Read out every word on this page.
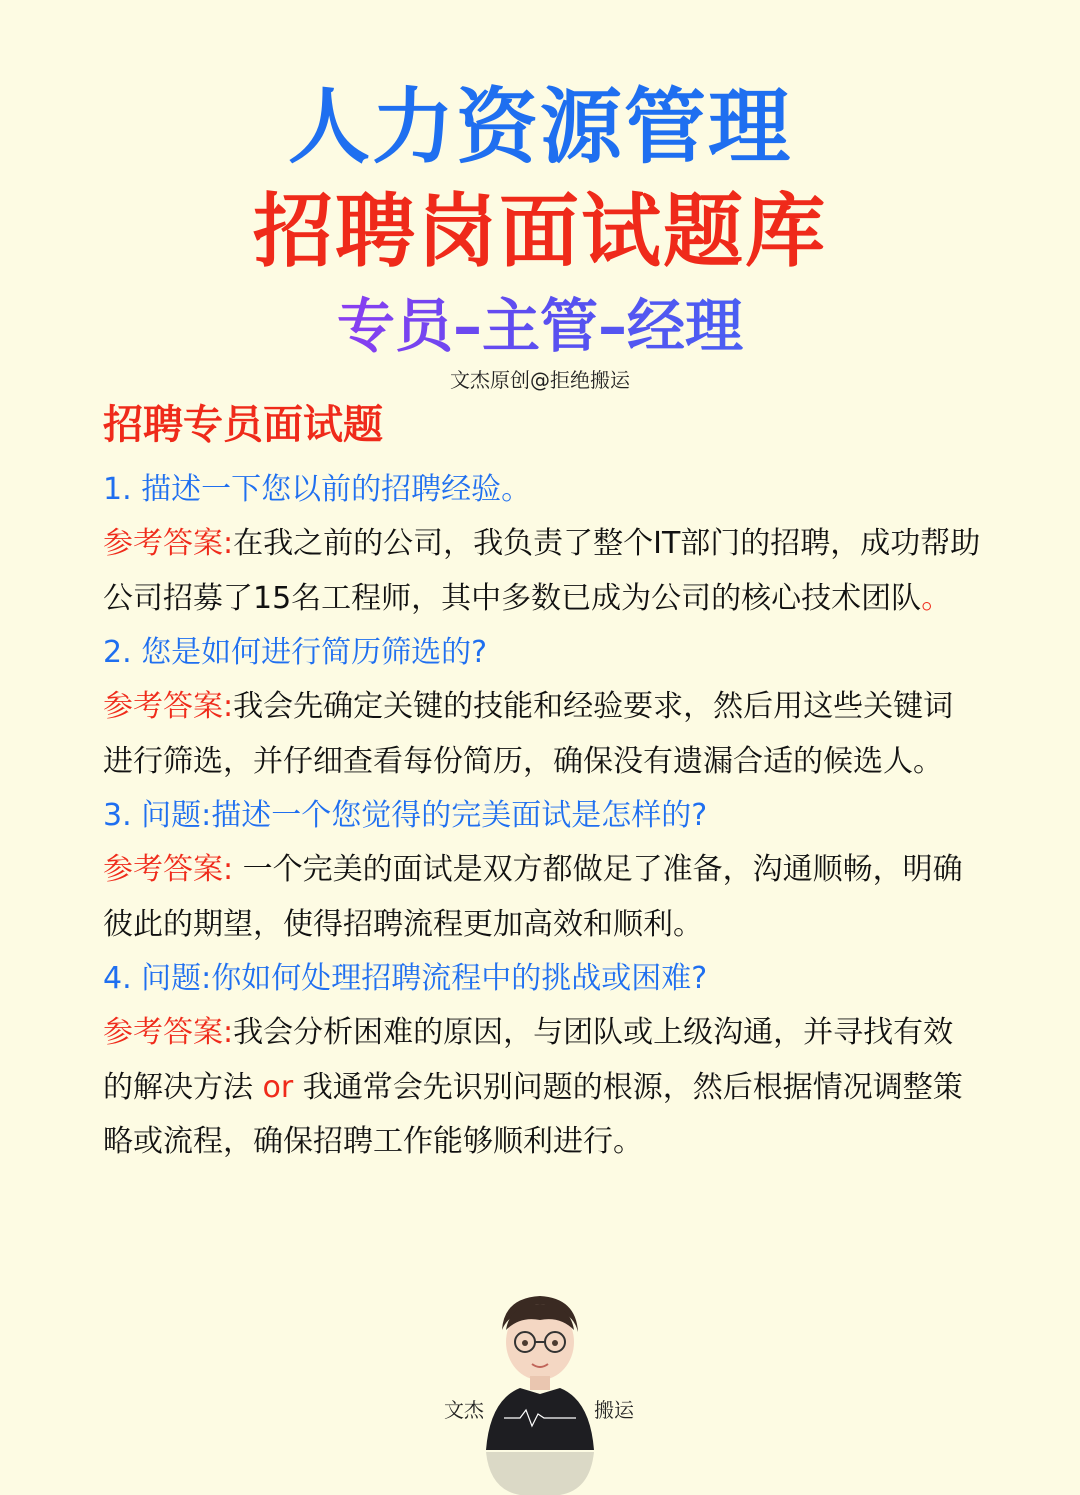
人力资源管理
招聘岗面试题库
专员–主管–经理
文杰原创@拒绝搬运
招聘专员面试题

1. 描述一下您以前的招聘经验。

参考答案:在我之前的公司，我负责了整个IT部门的招聘，成功帮助公司招募了15名工程师，其中多数已成为公司的核心技术团队。

2. 您是如何进行简历筛选的?

参考答案:我会先确定关键的技能和经验要求，然后用这些关键词进行筛选，并仔细查看每份简历，确保没有遗漏合适的候选人。

3. 问题:描述一个您觉得的完美面试是怎样的?

参考答案: 一个完美的面试是双方都做足了准备，沟通顺畅，明确彼此的期望，使得招聘流程更加高效和顺利。

4. 问题:你如何处理招聘流程中的挑战或困难?

参考答案:我会分析困难的原因，与团队或上级沟通，并寻找有效的解决方法 or 我通常会先识别问题的根源，然后根据情况调整策略或流程，确保招聘工作能够顺利进行。

文杰	搬运
